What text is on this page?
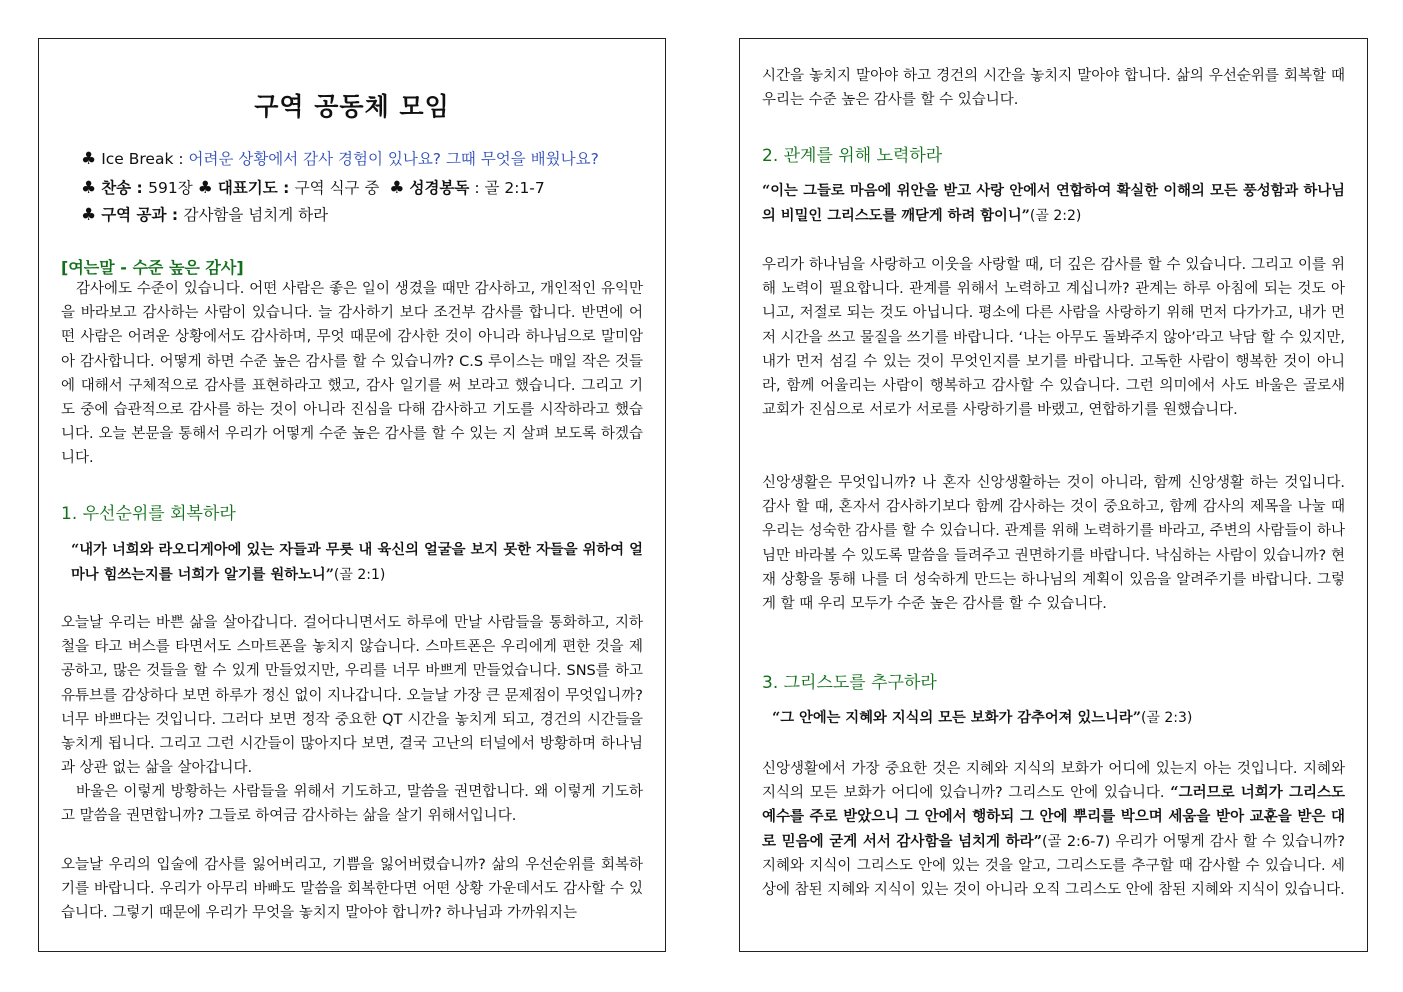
구역 공동체 모임
♣ Ice Break : 어려운 상황에서 감사 경험이 있나요? 그때 무엇을 배웠나요?
♣ 찬송 : 591장 ♣ 대표기도 : 구역 식구 중 ♣ 성경봉독 : 골 2:1-7
♣ 구역 공과 : 감사함을 넘치게 하라
[여는말 - 수준 높은 감사]
감사에도 수준이 있습니다. 어떤 사람은 좋은 일이 생겼을 때만 감사하고, 개인적인 유익만을 바라보고 감사하는 사람이 있습니다. 늘 감사하기 보다 조건부 감사를 합니다. 반면에 어떤 사람은 어려운 상황에서도 감사하며, 무엇 때문에 감사한 것이 아니라 하나님으로 말미암아 감사합니다. 어떻게 하면 수준 높은 감사를 할 수 있습니까? C.S 루이스는 매일 작은 것들에 대해서 구체적으로 감사를 표현하라고 했고, 감사 일기를 써 보라고 했습니다. 그리고 기도 중에 습관적으로 감사를 하는 것이 아니라 진심을 다해 감사하고 기도를 시작하라고 했습니다. 오늘 본문을 통해서 우리가 어떻게 수준 높은 감사를 할 수 있는 지 살펴 보도록 하겠습니다.
1. 우선순위를 회복하라
“내가 너희와 라오디게아에 있는 자들과 무릇 내 육신의 얼굴을 보지 못한 자들을 위하여 얼마나 힘쓰는지를 너희가 알기를 원하노니”(골 2:1)
오늘날 우리는 바쁜 삶을 살아갑니다. 걸어다니면서도 하루에 만날 사람들을 통화하고, 지하철을 타고 버스를 타면서도 스마트폰을 놓치지 않습니다. 스마트폰은 우리에게 편한 것을 제공하고, 많은 것들을 할 수 있게 만들었지만, 우리를 너무 바쁘게 만들었습니다. SNS를 하고 유튜브를 감상하다 보면 하루가 정신 없이 지나갑니다. 오늘날 가장 큰 문제점이 무엇입니까? 너무 바쁘다는 것입니다. 그러다 보면 정작 중요한 QT 시간을 놓치게 되고, 경건의 시간들을 놓치게 됩니다. 그리고 그런 시간들이 많아지다 보면, 결국 고난의 터널에서 방황하며 하나님과 상관 없는 삶을 살아갑니다.
바울은 이렇게 방황하는 사람들을 위해서 기도하고, 말씀을 권면합니다. 왜 이렇게 기도하고 말씀을 권면합니까? 그들로 하여금 감사하는 삶을 살기 위해서입니다.
오늘날 우리의 입술에 감사를 잃어버리고, 기쁨을 잃어버렸습니까? 삶의 우선순위를 회복하기를 바랍니다. 우리가 아무리 바빠도 말씀을 회복한다면 어떤 상황 가운데서도 감사할 수 있습니다. 그렇기 때문에 우리가 무엇을 놓치지 말아야 합니까? 하나님과 가까워지는
시간을 놓치지 말아야 하고 경건의 시간을 놓치지 말아야 합니다. 삶의 우선순위를 회복할 때 우리는 수준 높은 감사를 할 수 있습니다.
2. 관계를 위해 노력하라
“이는 그들로 마음에 위안을 받고 사랑 안에서 연합하여 확실한 이해의 모든 풍성함과 하나님의 비밀인 그리스도를 깨닫게 하려 함이니”(골 2:2)
우리가 하나님을 사랑하고 이웃을 사랑할 때, 더 깊은 감사를 할 수 있습니다. 그리고 이를 위해 노력이 필요합니다. 관계를 위해서 노력하고 계십니까? 관계는 하루 아침에 되는 것도 아니고, 저절로 되는 것도 아닙니다. 평소에 다른 사람을 사랑하기 위해 먼저 다가가고, 내가 먼저 시간을 쓰고 물질을 쓰기를 바랍니다. ‘나는 아무도 돌봐주지 않아’라고 낙담 할 수 있지만, 내가 먼저 섬길 수 있는 것이 무엇인지를 보기를 바랍니다. 고독한 사람이 행복한 것이 아니라, 함께 어울리는 사람이 행복하고 감사할 수 있습니다. 그런 의미에서 사도 바울은 골로새 교회가 진심으로 서로가 서로를 사랑하기를 바랬고, 연합하기를 원했습니다.
신앙생활은 무엇입니까? 나 혼자 신앙생활하는 것이 아니라, 함께 신앙생활 하는 것입니다. 감사 할 때, 혼자서 감사하기보다 함께 감사하는 것이 중요하고, 함께 감사의 제목을 나눌 때 우리는 성숙한 감사를 할 수 있습니다. 관계를 위해 노력하기를 바라고, 주변의 사람들이 하나님만 바라볼 수 있도록 말씀을 들려주고 권면하기를 바랍니다. 낙심하는 사람이 있습니까? 현재 상황을 통해 나를 더 성숙하게 만드는 하나님의 계획이 있음을 알려주기를 바랍니다. 그렇게 할 때 우리 모두가 수준 높은 감사를 할 수 있습니다.
3. 그리스도를 추구하라
“그 안에는 지혜와 지식의 모든 보화가 감추어져 있느니라”(골 2:3)
신앙생활에서 가장 중요한 것은 지혜와 지식의 보화가 어디에 있는지 아는 것입니다. 지혜와 지식의 모든 보화가 어디에 있습니까? 그리스도 안에 있습니다. “그러므로 너희가 그리스도 예수를 주로 받았으니 그 안에서 행하되 그 안에 뿌리를 박으며 세움을 받아 교훈을 받은 대로 믿음에 굳게 서서 감사함을 넘치게 하라”(골 2:6-7) 우리가 어떻게 감사 할 수 있습니까? 지혜와 지식이 그리스도 안에 있는 것을 알고, 그리스도를 추구할 때 감사할 수 있습니다. 세상에 참된 지혜와 지식이 있는 것이 아니라 오직 그리스도 안에 참된 지혜와 지식이 있습니다.
